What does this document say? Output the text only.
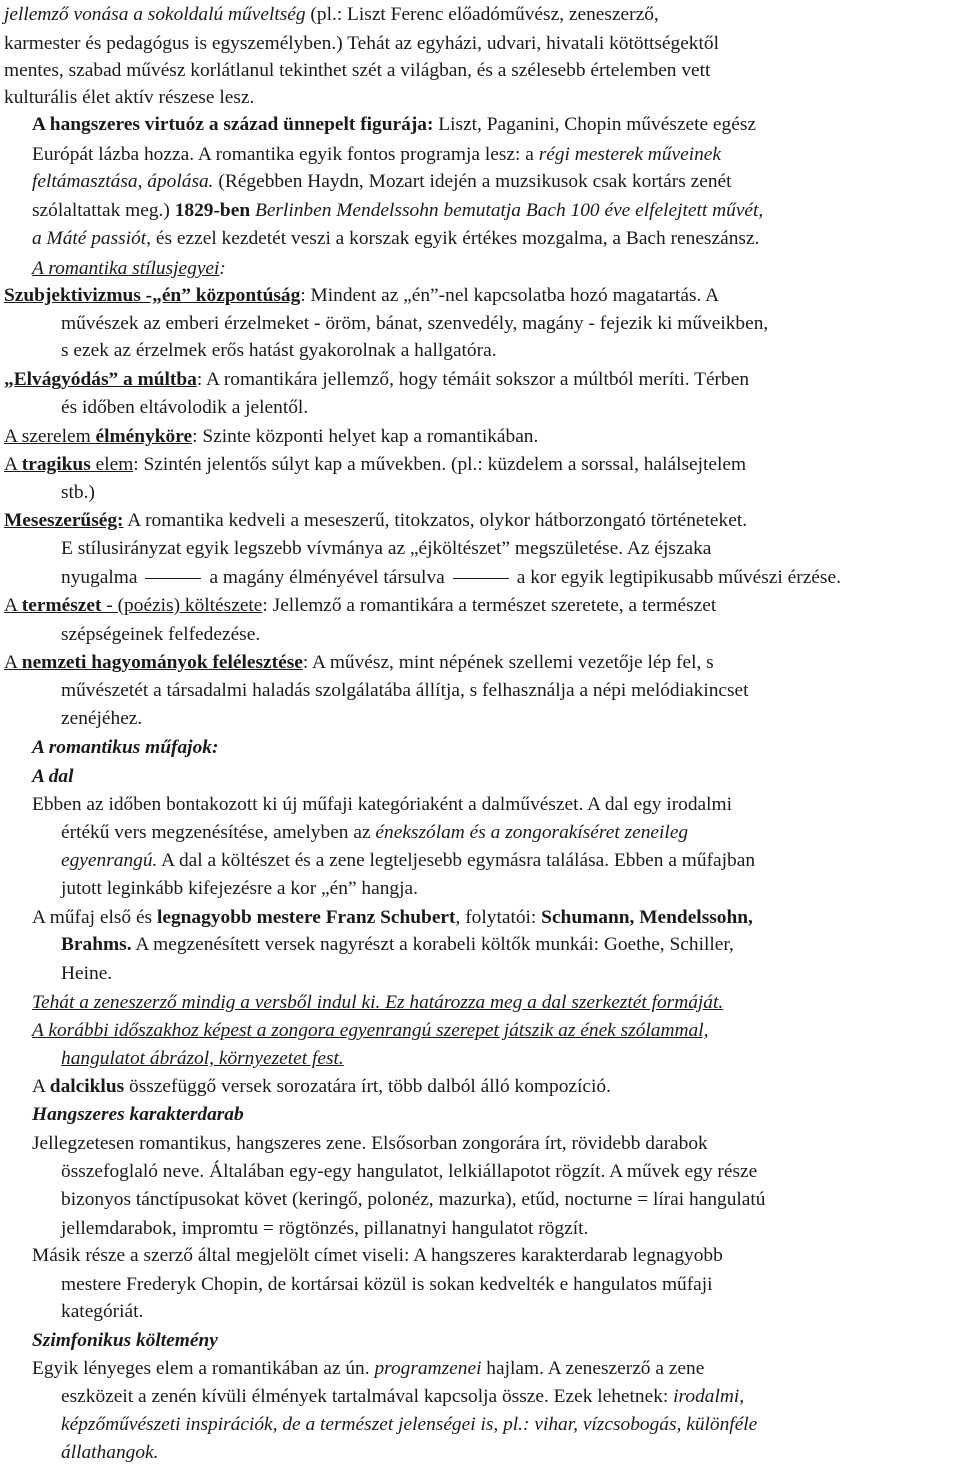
jellemző vonása a sokoldalú műveltség (pl.: Liszt Ferenc előadóművész, zeneszerző,
karmester és pedagógus is egyszemélyben.) Tehát az egyházi, udvari, hivatali kötöttségektől
mentes, szabad művész korlátlanul tekinthet szét a világban, és a szélesebb értelemben vett
kulturális élet aktív részese lesz.
A hangszeres virtuóz a század ünnepelt figurája: Liszt, Paganini, Chopin művészete egész
Európát lázba hozza. A romantika egyik fontos programja lesz: a régi mesterek műveinek
feltámasztása, ápolása. (Régebben Haydn, Mozart idején a muzsikusok csak kortárs zenét
szólaltattak meg.) 1829-ben Berlinben Mendelssohn bemutatja Bach 100 éve elfelejtett művét,
a Máté passiót, és ezzel kezdetét veszi a korszak egyik értékes mozgalma, a Bach reneszánsz.
A romantika stílusjegyei:
Szubjektivizmus -„én” központúság: Mindent az „én”-nel kapcsolatba hozó magatartás. A
művészek az emberi érzelmeket - öröm, bánat, szenvedély, magány - fejezik ki műveikben,
s ezek az érzelmek erős hatást gyakorolnak a hallgatóra.
„Elvágyódás” a múltba: A romantikára jellemző, hogy témáit sokszor a múltból meríti. Térben
és időben eltávolodik a jelentől.
A szerelem élményköre: Szinte központi helyet kap a romantikában.
A tragikus elem: Szintén jelentős súlyt kap a művekben. (pl.: küzdelem a sorssal, halálsejtelem
stb.)
Meseszerűség: A romantika kedveli a meseszerű, titokzatos, olykor hátborzongató történeteket.
E stílusirányzat egyik legszebb vívmánya az „éjköltészet” megszületése. Az éjszaka
nyugalma	a magány élményével társulva	a kor egyik legtipikusabb művészi érzése.
A természet - (poézis) költészete: Jellemző a romantikára a természet szeretete, a természet
szépségeinek felfedezése.
A nemzeti hagyományok felélesztése: A művész, mint népének szellemi vezetője lép fel, s
művészetét a társadalmi haladás szolgálatába állítja, s felhasználja a népi melódiakincset
zenéjéhez.
A romantikus műfajok:
A dal
Ebben az időben bontakozott ki új műfaji kategóriaként a dalművészet. A dal egy irodalmi
értékű vers megzenésítése, amelyben az énekszólam és a zongorakíséret zeneileg
egyenrangú. A dal a költészet és a zene legteljesebb egymásra találása. Ebben a műfajban
jutott leginkább kifejezésre a kor „én” hangja.
A műfaj első és legnagyobb mestere Franz Schubert, folytatói: Schumann, Mendelssohn,
Brahms. A megzenésített versek nagyrészt a korabeli költők munkái: Goethe, Schiller,
Heine.
Tehát a zeneszerző mindig a versből indul ki. Ez határozza meg a dal szerkeztét formáját.
A korábbi időszakhoz képest a zongora egyenrangú szerepet játszik az ének szólammal,
hangulatot ábrázol, környezetet fest.
A dalciklus összefüggő versek sorozatára írt, több dalból álló kompozíció.
Hangszeres karakterdarab
Jellegzetesen romantikus, hangszeres zene. Elsősorban zongorára írt, rövidebb darabok
összefoglaló neve. Általában egy-egy hangulatot, lelkiállapotot rögzít. A művek egy része
bizonyos tánctípusokat követ (keringő, polonéz, mazurka), etűd, nocturne = lírai hangulatú
jellemdarabok, impromtu = rögtönzés, pillanatnyi hangulatot rögzít.
Másik része a szerző által megjelölt címet viseli: A hangszeres karakterdarab legnagyobb
mestere Frederyk Chopin, de kortársai közül is sokan kedvelték e hangulatos műfaji
kategóriát.
Szimfonikus költemény
Egyik lényeges elem a romantikában az ún. programzenei hajlam. A zeneszerző a zene
eszközeit a zenén kívüli élmények tartalmával kapcsolja össze. Ezek lehetnek: irodalmi,
képzőművészeti inspirációk, de a természet jelenségei is, pl.: vihar, vízcsobogás, különféle
állathangok.
